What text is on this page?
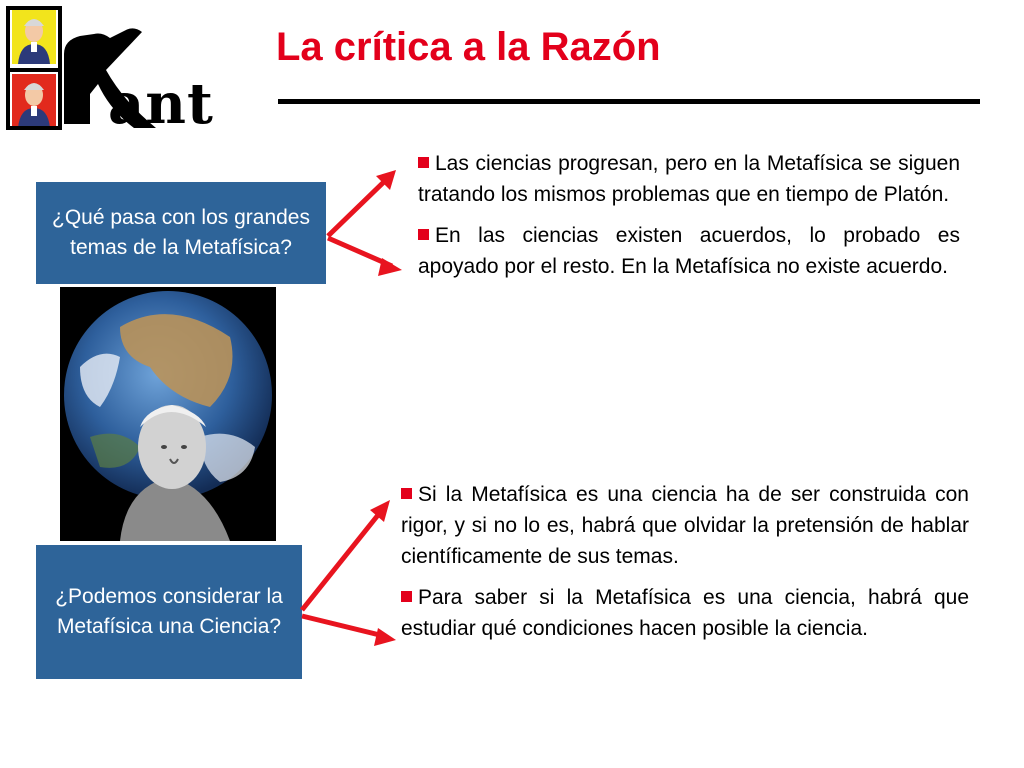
ant
La crítica a la Razón
¿Qué pasa con los grandes temas de la Metafísica?
¿Podemos considerar la Metafísica una Ciencia?
Las ciencias progresan, pero en la Metafísica se siguen tratando los mismos problemas que en tiempo de Platón.
En las ciencias existen acuerdos, lo probado es apoyado por el resto. En la Metafísica no existe acuerdo.
Si la Metafísica es una ciencia ha de ser construida con rigor, y si no lo es, habrá que olvidar la pretensión de hablar científicamente de sus temas.
Para saber si la Metafísica es una ciencia, habrá que estudiar qué condiciones hacen posible la ciencia.
